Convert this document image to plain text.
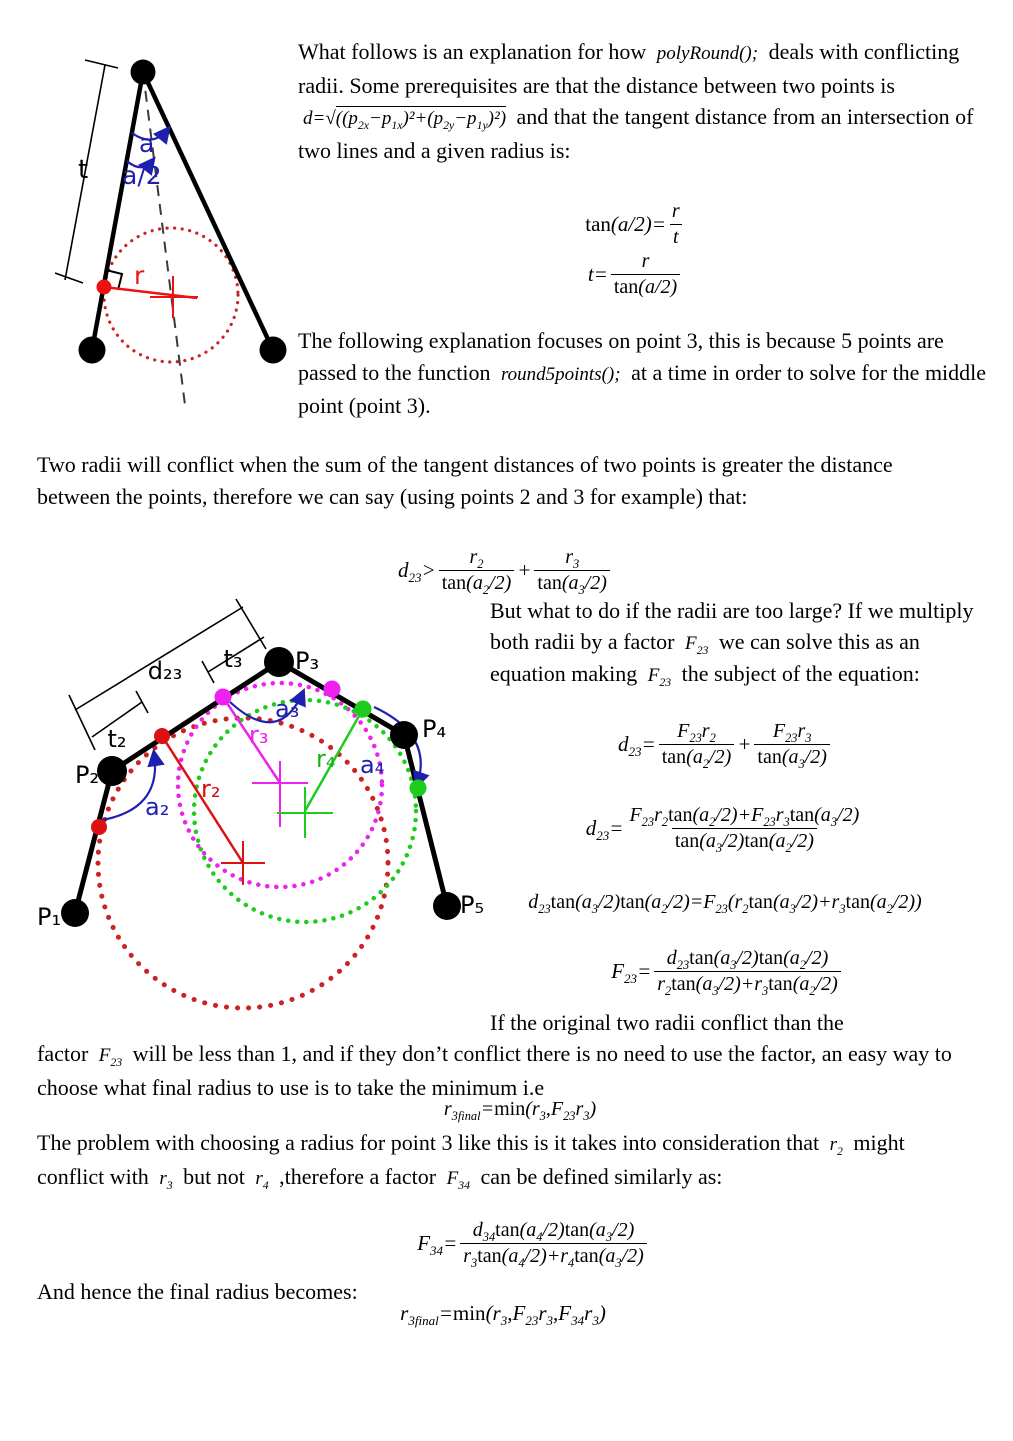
t
a
a/2
r
What follows is an explanation for how polyRound(); deals with conflicting radii. Some prerequisites are that the distance between two points is $d=√((p_{2x}-p_{1x})^2+(p_{2y}-p_{1y})^2)$ and that the tangent distance from an intersection of two lines and a given radius is:
$\tan(a/2)= \frac{r}{t}$
$t= \frac{r}{\tan(a/2)}$
The following explanation focuses on point 3, this is because 5 points are passed to the function round5points(); at a time in order to solve for the middle point (point 3).
Two radii will conflict when the sum of the tangent distances of two points is greater the distance between the points, therefore we can say (using points 2 and 3 for example) that:
$d_{23}> \frac{r_2}{\tan(a_2/2)} + \frac{r_3}{\tan(a_3/2)}$
P₁
P₂
P₃
P₄
P₅
d₂₃
t₂
t₃
a₂
a₃
a₄
r₂
r₃
r₄
But what to do if the radii are too large? If we multiply both radii by a factor $F_{23}$ we can solve this as an equation making $F_{23}$ the subject of the equation:
$d_{23}= \frac{F_{23}r_2}{\tan(a_2/2)} + \frac{F_{23}r_3}{\tan(a_3/2)}$
$d_{23}= \frac{F_{23}r_2\tan(a_2/2)+F_{23}r_3\tan(a_3/2)}{\tan(a_3/2)\tan(a_2/2)}$
$d_{23}\tan(a_3/2)\tan(a_2/2)=F_{23}(r_2\tan(a_3/2)+r_3\tan(a_2/2))$
$F_{23}= \frac{d_{23}\tan(a_3/2)\tan(a_2/2)}{r_2\tan(a_3/2)+r_3\tan(a_2/2)}$
If the original two radii conflict than the
factor $F_{23}$ will be less than 1, and if they don’t conflict there is no need to use the factor, an easy way to choose what final radius to use is to take the minimum i.e
$r_{3final}=\min(r_3,F_{23}r_3)$
The problem with choosing a radius for point 3 like this is it takes into consideration that $r_2$ might conflict with $r_3$ but not $r_4$ ,therefore a factor $F_{34}$ can be defined similarly as:
$F_{34}= \frac{d_{34}\tan(a_4/2)\tan(a_3/2)}{r_3\tan(a_4/2)+r_4\tan(a_3/2)}$
And hence the final radius becomes:
$r_{3final}=\min(r_3,F_{23}r_3,F_{34}r_3)$
